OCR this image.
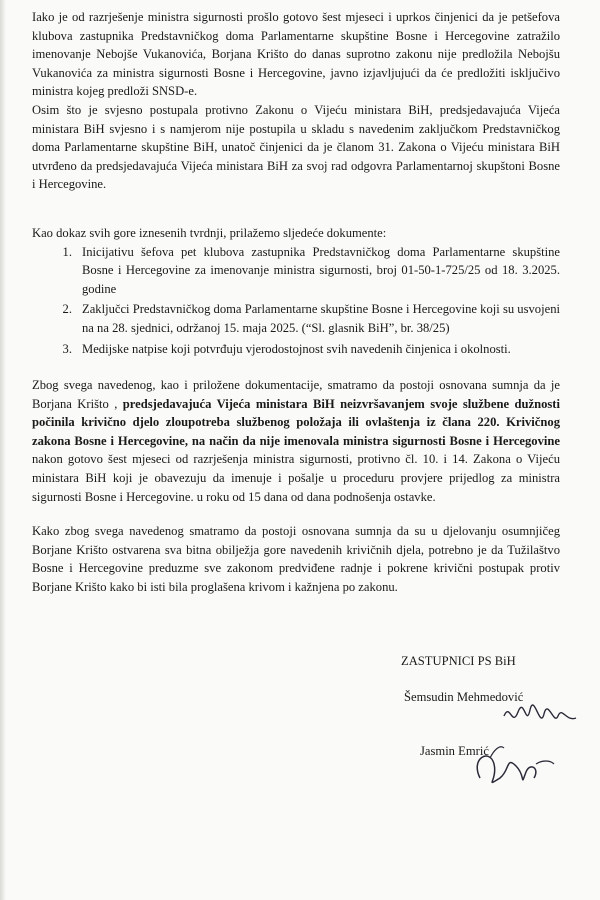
Iako je od razrješenje ministra sigurnosti prošlo gotovo šest mjeseci i uprkos činjenici da je petšefova klubova zastupnika Predstavničkog doma Parlamentarne skupštine Bosne i Hercegovine zatražilo imenovanje Nebojše Vukanovića, Borjana Krišto do danas suprotno zakonu nije predložila Nebojšu Vukanovića za ministra sigurnosti Bosne i Hercegovine, javno izjavljujući da će predložiti isključivo ministra kojeg predloži SNSD-e.

Osim što je svjesno postupala protivno Zakonu o Vijeću ministara BiH, predsjedavajuća Vijeća ministara BiH svjesno i s namjerom nije postupila u skladu s navedenim zaključkom Predstavničkog doma Parlamentarne skupštine BiH, unatoč činjenici da je članom 31. Zakona o Vijeću ministara BiH utvrđeno da predsjedavajuća Vijeća ministara BiH za svoj rad odgovra Parlamentarnoj skupštoni Bosne i Hercegovine.

Kao dokaz svih gore iznesenih tvrdnji, prilažemo sljedeće dokumente:

1. Inicijativu šefova pet klubova zastupnika Predstavničkog doma Parlamentarne skupštine Bosne i Hercegovine za imenovanje ministra sigurnosti, broj 01-50-1-725/25 od 18. 3.2025. godine
2. Zaključci Predstavničkog doma Parlamentarne skupštine Bosne i Hercegovine koji su usvojeni na na 28. sjednici, održanoj 15. maja 2025. (“Sl. glasnik BiH”, br. 38/25)
3. Medijske natpise koji potvrđuju vjerodostojnost svih navedenih činjenica i okolnosti.

Zbog svega navedenog, kao i priložene dokumentacije, smatramo da postoji osnovana sumnja da je Borjana Krišto , predsjedavajuća Vijeća ministara BiH neizvršavanjem svoje službene dužnosti počinila krivično djelo zloupotreba službenog položaja ili ovlaštenja iz člana 220. Krivičnog zakona Bosne i Hercegovine, na način da nije imenovala ministra sigurnosti Bosne i Hercegovine nakon gotovo šest mjeseci od razrješenja ministra sigurnosti, protivno čl. 10. i 14. Zakona o Vijeću ministara BiH koji je obavezuju da imenuje i pošalje u proceduru provjere prijedlog za ministra sigurnosti Bosne i Hercegovine. u roku od 15 dana od dana podnošenja ostavke.

Kako zbog svega navedenog smatramo da postoji osnovana sumnja da su u djelovanju osumnjičeg Borjane Krišto ostvarena sva bitna obilježja gore navedenih krivičnih djela, potrebno je da Tužilaštvo Bosne i Hercegovine preduzme sve zakonom predviđene radnje i pokrene krivični postupak protiv Borjane Krišto kako bi isti bila proglašena krivom i kažnjena po zakonu.

ZASTUPNICI PS BiH
Šemsudin Mehmedović
Jasmin Emrić
